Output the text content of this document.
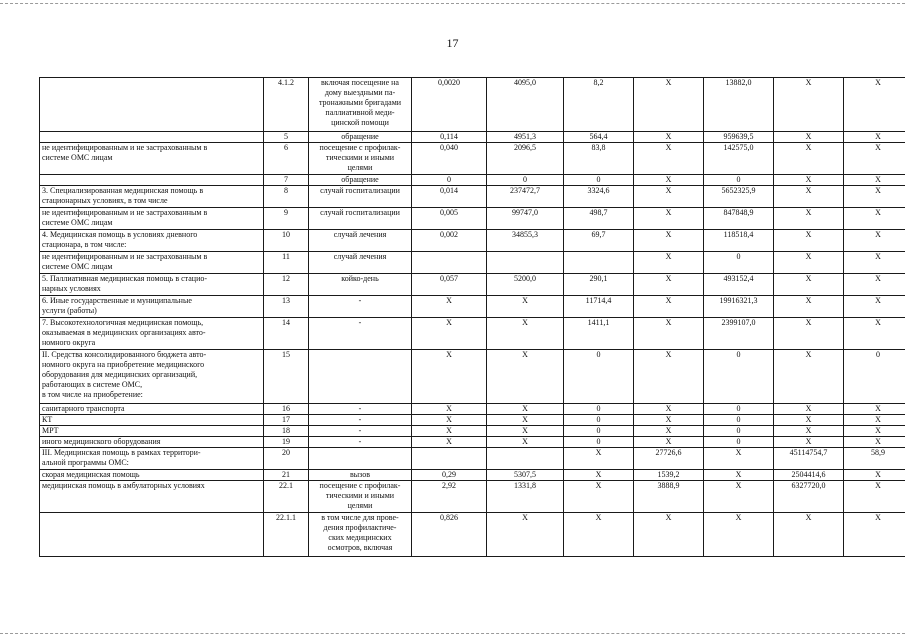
17
	4.1.2	включая посещение на
дому выездными па-
тронажными бригадами
паллиативной меди-
цинской помощи	0,0020	4095,0	8,2	X	13882,0	X	X
	5	обращение	0,114	4951,3	564,4	X	959639,5	X	X
не идентифицированным и не застрахованным в
системе ОМС лицам	6	посещение с профилак-
тическими и иными
целями	0,040	2096,5	83,8	X	142575,0	X	X
	7	обращение	0	0	0	X	0	X	X
3. Специализированная медицинская помощь в
стационарных условиях, в том числе	8	случай госпитализации	0,014	237472,7	3324,6	X	5652325,9	X	X
не идентифицированным и не застрахованным в
системе ОМС лицам	9	случай госпитализации	0,005	99747,0	498,7	X	847848,9	X	X
4. Медицинская помощь в условиях дневного
стационара, в том числе:	10	случай лечения	0,002	34855,3	69,7	X	118518,4	X	X
не идентифицированным и не застрахованным в
системе ОМС лицам	11	случай лечения				X	0	X	X
5. Паллиативная медицинская помощь в стацио-
нарных условиях	12	койко-день	0,057	5200,0	290,1	X	493152,4	X	X
6. Иные государственные и муниципальные
услуги (работы)	13	-	X	X	11714,4	X	19916321,3	X	X
7. Высокотехнологичная медицинская помощь,
оказываемая в медицинских организациях авто-
номного округа	14	-	X	X	1411,1	X	2399107,0	X	X
II. Средства консолидированного бюджета авто-
номного округа на приобретение медицинского
оборудования для медицинских организаций,
работающих в системе ОМС,
в том числе на приобретение:	15		X	X	0	X	0	X	0
санитарного транспорта	16	-	X	X	0	X	0	X	X
КТ	17	-	X	X	0	X	0	X	X
МРТ	18	-	X	X	0	X	0	X	X
иного медицинского оборудования	19	-	X	X	0	X	0	X	X
III. Медицинская помощь в рамках территори-
альной программы ОМС:	20				X	27726,6	X	45114754,7	58,9
скорая медицинская помощь	21	вызов	0,29	5307,5	X	1539,2	X	2504414,6	X
медицинская помощь в амбулаторных условиях	22.1	посещение с профилак-
тическими и иными
целями	2,92	1331,8	X	3888,9	X	6327720,0	X
	22.1.1	в том числе для прове-
дения профилактиче-
ских медицинских
осмотров, включая	0,826	X	X	X	X	X	X
